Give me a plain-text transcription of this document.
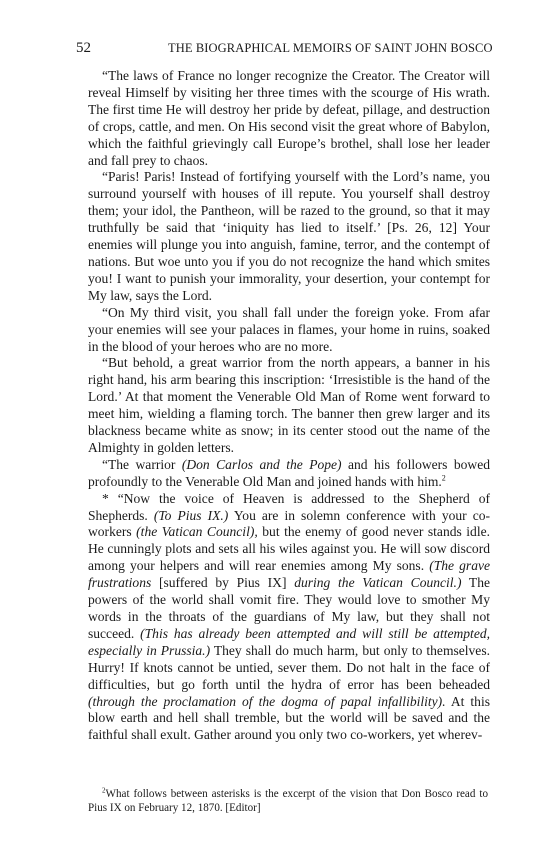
52	THE BIOGRAPHICAL MEMOIRS OF SAINT JOHN BOSCO

“The laws of France no longer recognize the Creator. The Creator will reveal Himself by visiting her three times with the scourge of His wrath. The first time He will destroy her pride by defeat, pillage, and destruction of crops, cattle, and men. On His second visit the great whore of Babylon, which the faithful grievingly call Europe’s brothel, shall lose her leader and fall prey to chaos.

“Paris! Paris! Instead of fortifying yourself with the Lord’s name, you surround yourself with houses of ill repute. You yourself shall destroy them; your idol, the Pantheon, will be razed to the ground, so that it may truthfully be said that ‘iniquity has lied to itself.’ [Ps. 26, 12] Your enemies will plunge you into anguish, famine, terror, and the contempt of nations. But woe unto you if you do not recognize the hand which smites you! I want to punish your immorality, your desertion, your contempt for My law, says the Lord.

“On My third visit, you shall fall under the foreign yoke. From afar your enemies will see your palaces in flames, your home in ruins, soaked in the blood of your heroes who are no more.

“But behold, a great warrior from the north appears, a banner in his right hand, his arm bearing this inscription: ‘Irresistible is the hand of the Lord.’ At that moment the Venerable Old Man of Rome went forward to meet him, wielding a flaming torch. The banner then grew larger and its blackness became white as snow; in its center stood out the name of the Almighty in golden letters.

“The warrior (Don Carlos and the Pope) and his followers bowed profoundly to the Venerable Old Man and joined hands with him.$^2$

* “Now the voice of Heaven is addressed to the Shepherd of Shepherds. (To Pius IX.) You are in solemn conference with your co-workers (the Vatican Council), but the enemy of good never stands idle. He cunningly plots and sets all his wiles against you. He will sow discord among your helpers and will rear enemies among My sons. (The grave frustrations [suffered by Pius IX] during the Vatican Council.) The powers of the world shall vomit fire. They would love to smother My words in the throats of the guardians of My law, but they shall not succeed. (This has already been attempted and will still be attempted, especially in Prussia.) They shall do much harm, but only to themselves. Hurry! If knots cannot be untied, sever them. Do not halt in the face of difficulties, but go forth until the hydra of error has been beheaded (through the proclamation of the dogma of papal infallibility). At this blow earth and hell shall tremble, but the world will be saved and the faithful shall exult. Gather around you only two co-workers, yet wherev-

$^2$What follows between asterisks is the excerpt of the vision that Don Bosco read to Pius IX on February 12, 1870. [Editor]
